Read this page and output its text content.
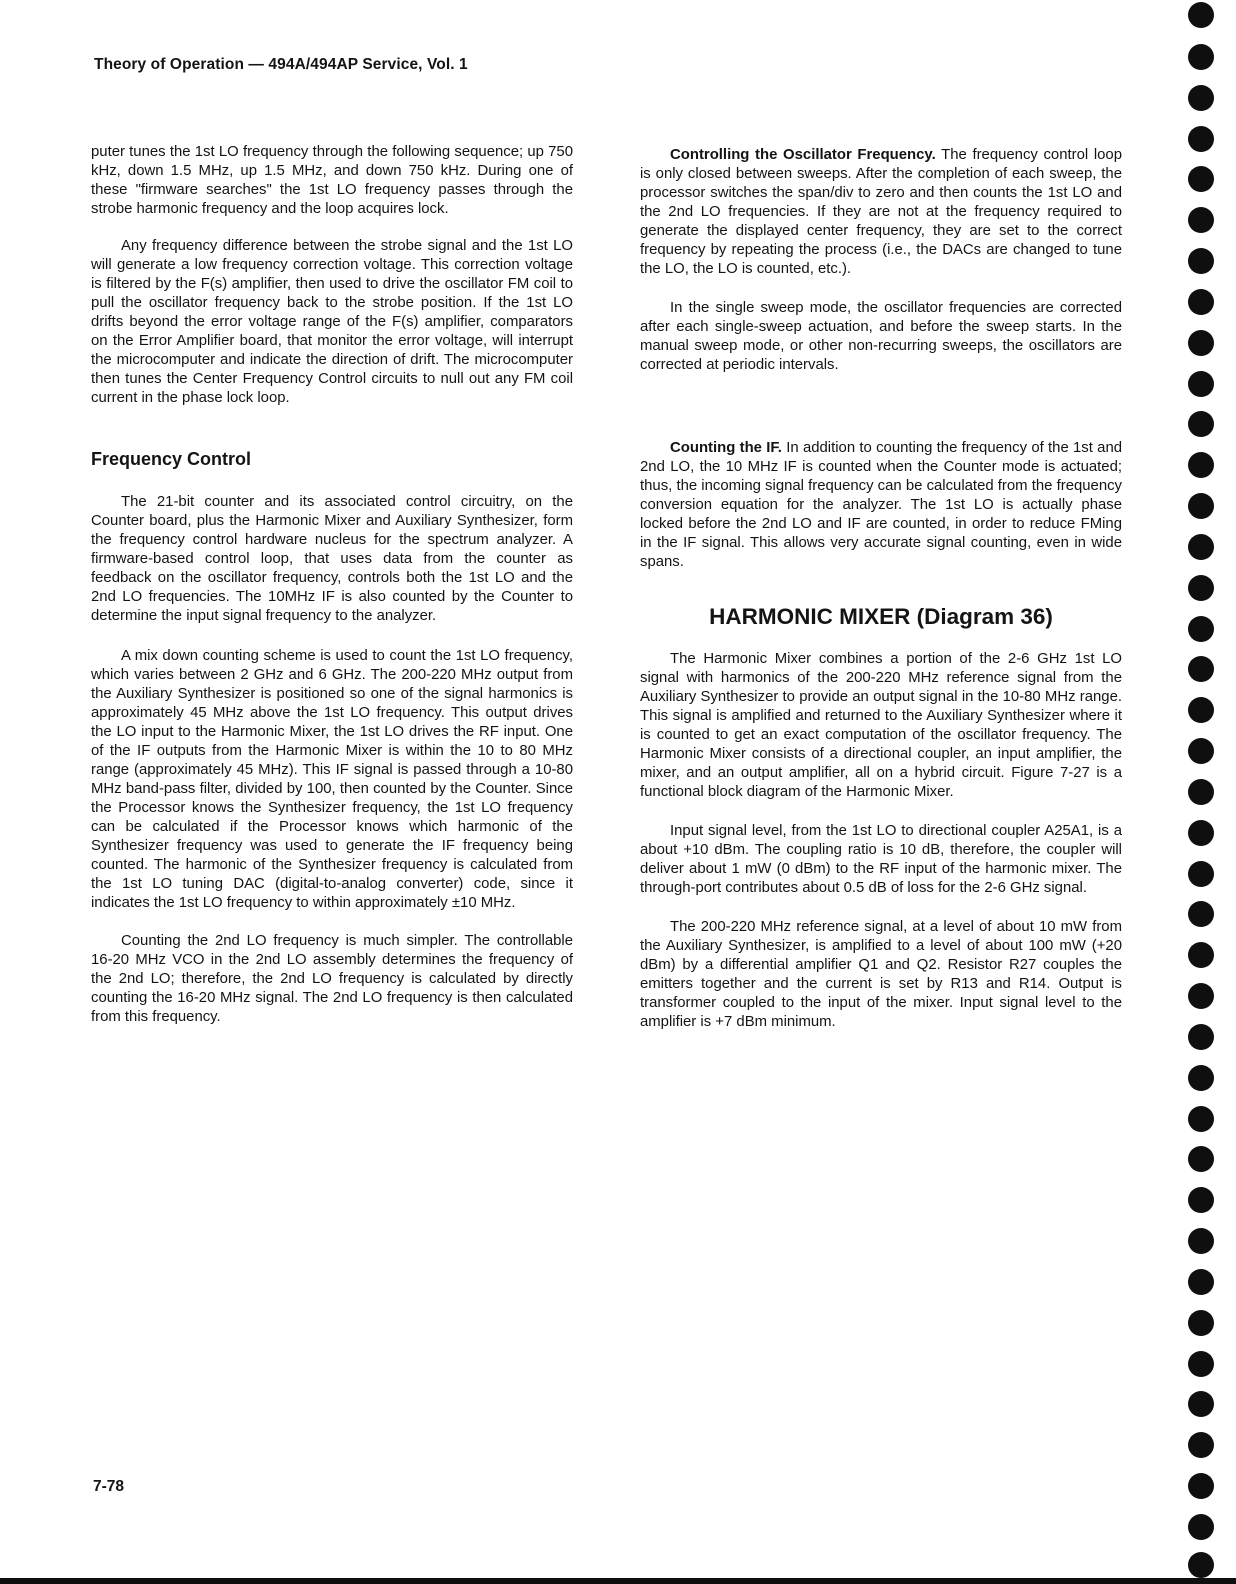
Theory of Operation — 494A/494AP Service, Vol. 1

puter tunes the 1st LO frequency through the following sequence; up 750 kHz, down 1.5 MHz, up 1.5 MHz, and down 750 kHz. During one of these "firmware searches" the 1st LO frequency passes through the strobe harmonic frequency and the loop acquires lock.

Any frequency difference between the strobe signal and the 1st LO will generate a low frequency correction voltage. This correction voltage is filtered by the F(s) amplifier, then used to drive the oscillator FM coil to pull the oscillator frequency back to the strobe position. If the 1st LO drifts beyond the error voltage range of the F(s) amplifier, comparators on the Error Amplifier board, that monitor the error voltage, will interrupt the microcomputer and indicate the direction of drift. The microcomputer then tunes the Center Frequency Control circuits to null out any FM coil current in the phase lock loop.

Frequency Control

The 21-bit counter and its associated control circuitry, on the Counter board, plus the Harmonic Mixer and Auxiliary Synthesizer, form the frequency control hardware nucleus for the spectrum analyzer. A firmware-based control loop, that uses data from the counter as feedback on the oscillator frequency, controls both the 1st LO and the 2nd LO frequencies. The 10MHz IF is also counted by the Counter to determine the input signal frequency to the analyzer.

A mix down counting scheme is used to count the 1st LO frequency, which varies between 2 GHz and 6 GHz. The 200-220 MHz output from the Auxiliary Synthesizer is positioned so one of the signal harmonics is approximately 45 MHz above the 1st LO frequency. This output drives the LO input to the Harmonic Mixer, the 1st LO drives the RF input. One of the IF outputs from the Harmonic Mixer is within the 10 to 80 MHz range (approximately 45 MHz). This IF signal is passed through a 10-80 MHz band-pass filter, divided by 100, then counted by the Counter. Since the Processor knows the Synthesizer frequency, the 1st LO frequency can be calculated if the Processor knows which harmonic of the Synthesizer frequency was used to generate the IF frequency being counted. The harmonic of the Synthesizer frequency is calculated from the 1st LO tuning DAC (digital-to-analog converter) code, since it indicates the 1st LO frequency to within approximately ±10 MHz.

Counting the 2nd LO frequency is much simpler. The controllable 16-20 MHz VCO in the 2nd LO assembly determines the frequency of the 2nd LO; therefore, the 2nd LO frequency is calculated by directly counting the 16-20 MHz signal. The 2nd LO frequency is then calculated from this frequency.

Controlling the Oscillator Frequency. The frequency control loop is only closed between sweeps. After the completion of each sweep, the processor switches the span/div to zero and then counts the 1st LO and the 2nd LO frequencies. If they are not at the frequency required to generate the displayed center frequency, they are set to the correct frequency by repeating the process (i.e., the DACs are changed to tune the LO, the LO is counted, etc.).

In the single sweep mode, the oscillator frequencies are corrected after each single-sweep actuation, and before the sweep starts. In the manual sweep mode, or other non-recurring sweeps, the oscillators are corrected at periodic intervals.

Counting the IF. In addition to counting the frequency of the 1st and 2nd LO, the 10 MHz IF is counted when the Counter mode is actuated; thus, the incoming signal frequency can be calculated from the frequency conversion equation for the analyzer. The 1st LO is actually phase locked before the 2nd LO and IF are counted, in order to reduce FMing in the IF signal. This allows very accurate signal counting, even in wide spans.

HARMONIC MIXER (Diagram 36)

The Harmonic Mixer combines a portion of the 2-6 GHz 1st LO signal with harmonics of the 200-220 MHz reference signal from the Auxiliary Synthesizer to provide an output signal in the 10-80 MHz range. This signal is amplified and returned to the Auxiliary Synthesizer where it is counted to get an exact computation of the oscillator frequency. The Harmonic Mixer consists of a directional coupler, an input amplifier, the mixer, and an output amplifier, all on a hybrid circuit. Figure 7-27 is a functional block diagram of the Harmonic Mixer.

Input signal level, from the 1st LO to directional coupler A25A1, is a about +10 dBm. The coupling ratio is 10 dB, therefore, the coupler will deliver about 1 mW (0 dBm) to the RF input of the harmonic mixer. The through-port contributes about 0.5 dB of loss for the 2-6 GHz signal.

The 200-220 MHz reference signal, at a level of about 10 mW from the Auxiliary Synthesizer, is amplified to a level of about 100 mW (+20 dBm) by a differential amplifier Q1 and Q2. Resistor R27 couples the emitters together and the current is set by R13 and R14. Output is transformer coupled to the input of the mixer. Input signal level to the amplifier is +7 dBm minimum.

7-78
